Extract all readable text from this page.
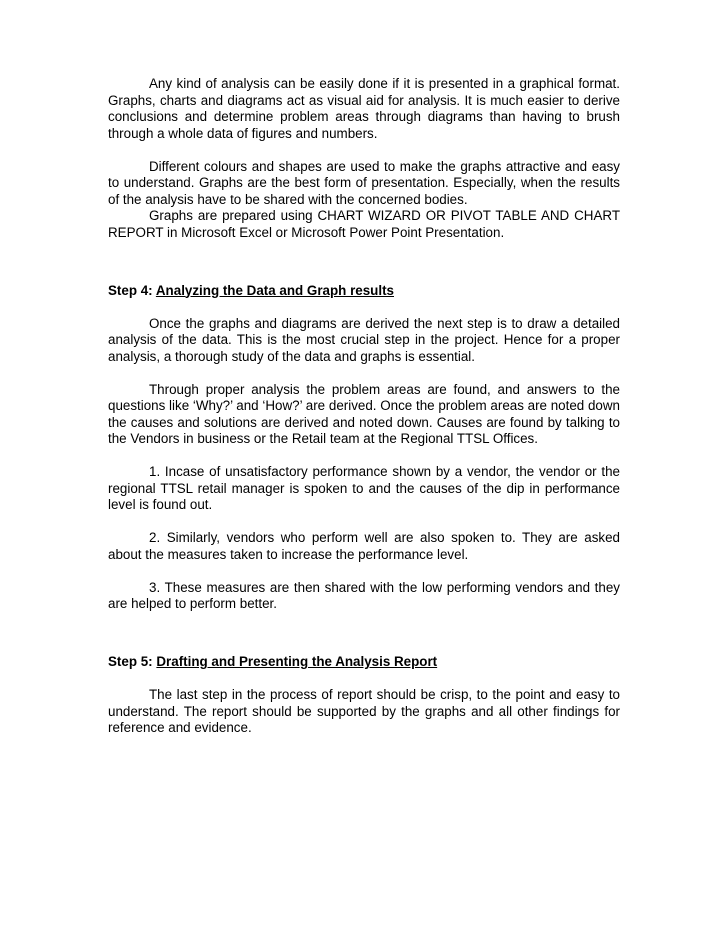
Any kind of analysis can be easily done if it is presented in a graphical format. Graphs, charts and diagrams act as visual aid for analysis. It is much easier to derive conclusions and determine problem areas through diagrams than having to brush through a whole data of figures and numbers.

Different colours and shapes are used to make the graphs attractive and easy to understand. Graphs are the best form of presentation. Especially, when the results of the analysis have to be shared with the concerned bodies.

Graphs are prepared using CHART WIZARD OR PIVOT TABLE AND CHART REPORT in Microsoft Excel or Microsoft Power Point Presentation.

Step 4: Analyzing the Data and Graph results

Once the graphs and diagrams are derived the next step is to draw a detailed analysis of the data. This is the most crucial step in the project. Hence for a proper analysis, a thorough study of the data and graphs is essential.

Through proper analysis the problem areas are found, and answers to the questions like ‘Why?’ and ‘How?’ are derived. Once the problem areas are noted down the causes and solutions are derived and noted down. Causes are found by talking to the Vendors in business or the Retail team at the Regional TTSL Offices.

1. Incase of unsatisfactory performance shown by a vendor, the vendor or the regional TTSL retail manager is spoken to and the causes of the dip in performance level is found out.

2. Similarly, vendors who perform well are also spoken to. They are asked about the measures taken to increase the performance level.

3. These measures are then shared with the low performing vendors and they are helped to perform better.

Step 5: Drafting and Presenting the Analysis Report

The last step in the process of report should be crisp, to the point and easy to understand. The report should be supported by the graphs and all other findings for reference and evidence.
